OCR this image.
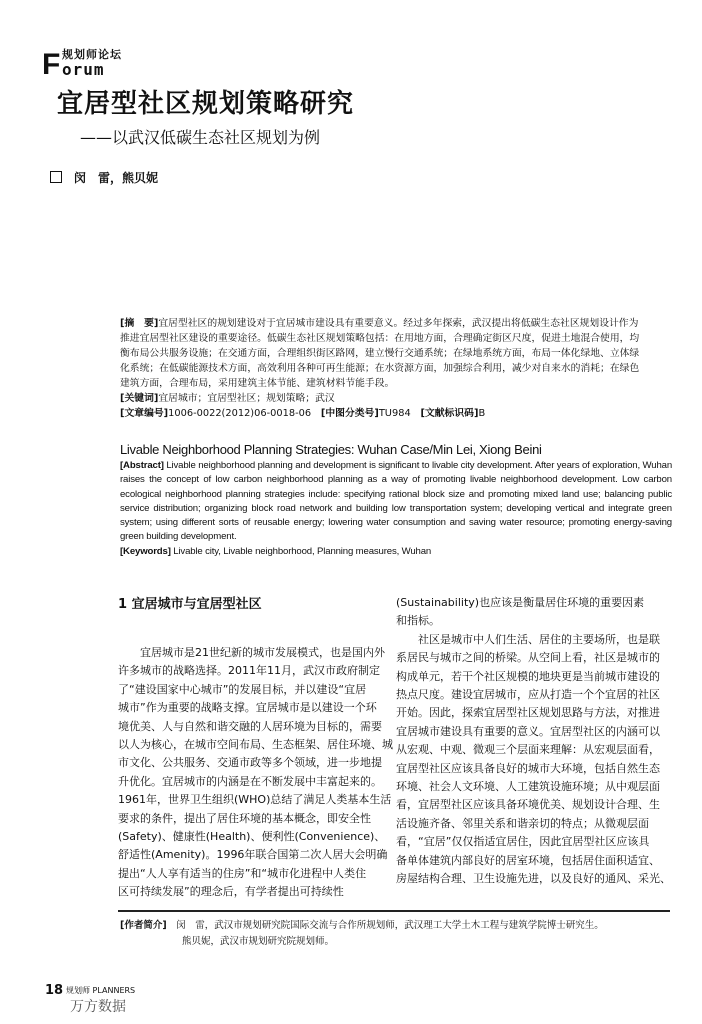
F 规划师论坛
orum
宜居型社区规划策略研究
——以武汉低碳生态社区规划为例
闵　雷，熊贝妮
[摘　要]宜居型社区的规划建设对于宜居城市建设具有重要意义。经过多年探索，武汉提出将低碳生态社区规划设计作为
推进宜居型社区建设的重要途径。低碳生态社区规划策略包括：在用地方面，合理确定街区尺度，促进土地混合使用，均
衡布局公共服务设施；在交通方面，合理组织街区路网，建立慢行交通系统；在绿地系统方面，布局一体化绿地、立体绿
化系统；在低碳能源技术方面，高效利用各种可再生能源；在水资源方面，加强综合利用，减少对自来水的消耗；在绿色
建筑方面，合理布局，采用建筑主体节能、建筑材料节能手段。
[关键词]宜居城市；宜居型社区；规划策略；武汉
[文章编号]1006-0022(2012)06-0018-06　 [中图分类号]TU984　 [文献标识码]B
Livable Neighborhood Planning Strategies: Wuhan Case/Min Lei, Xiong Beini
[Abstract] Livable neighborhood planning and development is significant to livable city development. After years of exploration, Wuhan raises the concept of low carbon neighborhood planning as a way of promoting livable neighborhood development. Low carbon ecological neighborhood planning strategies include: specifying rational block size and promoting mixed land use; balancing public service distribution; organizing block road network and building low transportation system; developing vertical and integrate green system; using different sorts of reusable energy; lowering water consumption and saving water resource; promoting energy-saving green building development.
[Keywords] Livable city, Livable neighborhood, Planning measures, Wuhan
1 宜居城市与宜居型社区
　　宜居城市是21世纪新的城市发展模式，也是国内外
许多城市的战略选择。2011年11月，武汉市政府制定
了“建设国家中心城市”的发展目标，并以建设“宜居
城市”作为重要的战略支撑。宜居城市是以建设一个环
境优美、人与自然和谐交融的人居环境为目标的，需要
以人为核心，在城市空间布局、生态框架、居住环境、城
市文化、公共服务、交通市政等多个领域，进一步地提
升优化。宜居城市的内涵是在不断发展中丰富起来的。
1961年，世界卫生组织(WHO)总结了满足人类基本生活
要求的条件，提出了居住环境的基本概念，即安全性
(Safety)、健康性(Health)、便利性(Convenience)、
舒适性(Amenity)。1996年联合国第二次人居大会明确
提出“人人享有适当的住房”和“城市化进程中人类住
区可持续发展”的理念后，有学者提出可持续性
(Sustainability)也应该是衡量居住环境的重要因素
和指标。
　　社区是城市中人们生活、居住的主要场所，也是联
系居民与城市之间的桥梁。从空间上看，社区是城市的
构成单元，若干个社区规模的地块更是当前城市建设的
热点尺度。建设宜居城市，应从打造一个个宜居的社区
开始。因此，探索宜居型社区规划思路与方法，对推进
宜居城市建设具有重要的意义。宜居型社区的内涵可以
从宏观、中观、微观三个层面来理解：从宏观层面看，
宜居型社区应该具备良好的城市大环境，包括自然生态
环境、社会人文环境、人工建筑设施环境；从中观层面
看，宜居型社区应该具备环境优美、规划设计合理、生
活设施齐备、邻里关系和谐亲切的特点；从微观层面
看，“宜居”仅仅指适宜居住，因此宜居型社区应该具
备单体建筑内部良好的居室环境，包括居住面积适宜、
房屋结构合理、卫生设施先进，以及良好的通风、采光、
[作者简介]　 闵　雷，武汉市规划研究院国际交流与合作所规划师，武汉理工大学土木工程与建筑学院博士研究生。
熊贝妮，武汉市规划研究院规划师。
18 规划师 PLANNERS
万方数据
